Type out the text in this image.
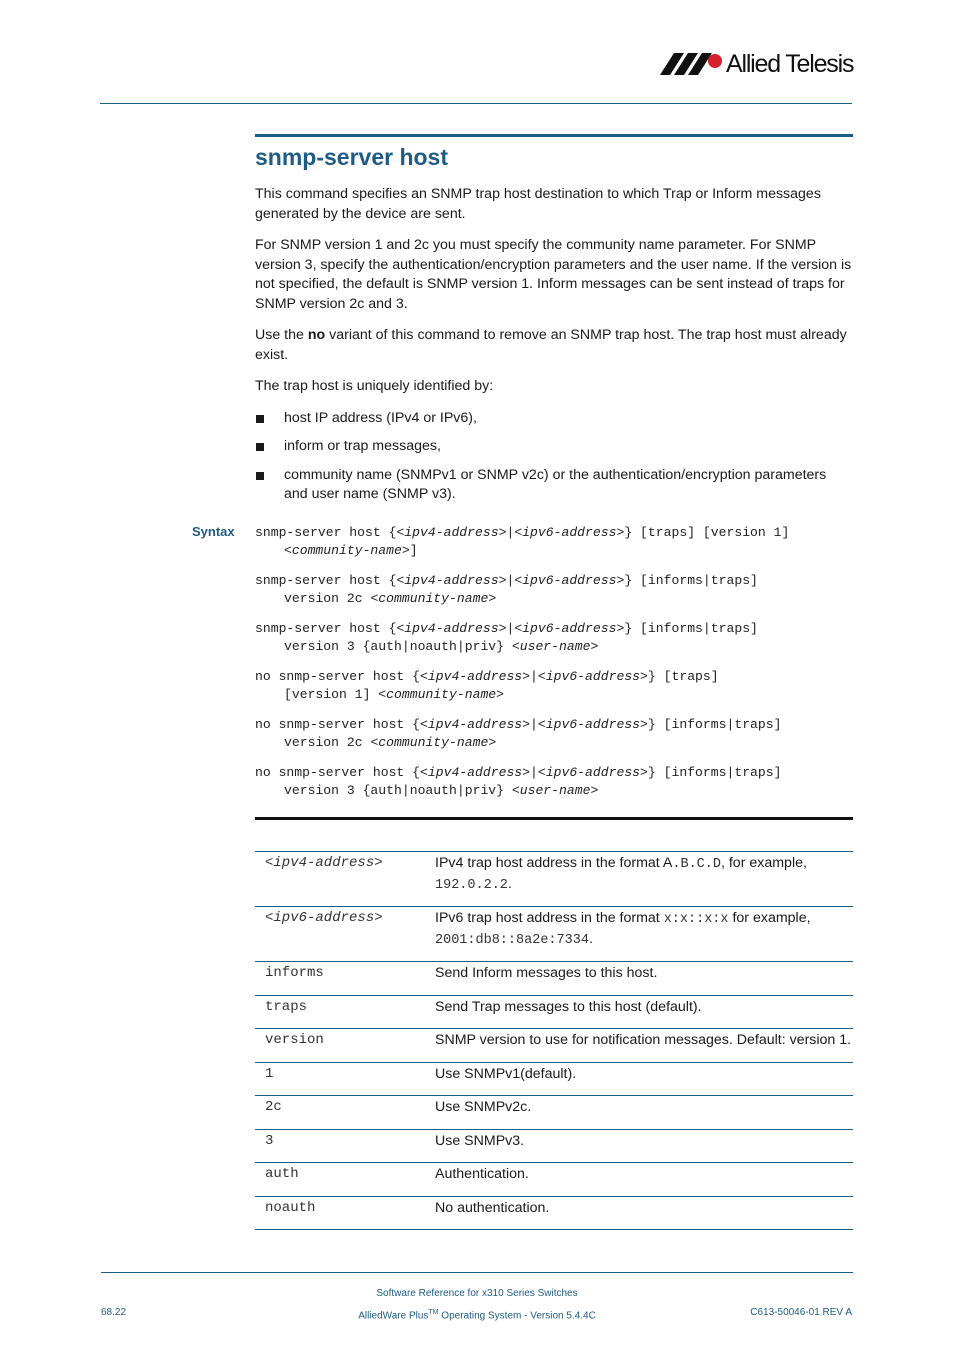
Allied Telesis
snmp-server host

This command specifies an SNMP trap host destination to which Trap or Inform messages generated by the device are sent.

For SNMP version 1 and 2c you must specify the community name parameter. For SNMP version 3, specify the authentication/encryption parameters and the user name. If the version is not specified, the default is SNMP version 1. Inform messages can be sent instead of traps for SNMP version 2c and 3.

Use the no variant of this command to remove an SNMP trap host. The trap host must already exist.

The trap host is uniquely identified by:

host IP address (IPv4 or IPv6),
inform or trap messages,
community name (SNMPv1 or SNMP v2c) or the authentication/encryption parameters and user name (SNMP v3).
Syntax snmp-server host {<ipv4-address>|<ipv6-address>} [traps] [version 1]
<community-name>]
snmp-server host {<ipv4-address>|<ipv6-address>} [informs|traps]
version 2c <community-name>
snmp-server host {<ipv4-address>|<ipv6-address>} [informs|traps]
version 3 {auth|noauth|priv} <user-name>
no snmp-server host {<ipv4-address>|<ipv6-address>} [traps]
[version 1] <community-name>
no snmp-server host {<ipv4-address>|<ipv6-address>} [informs|traps]
version 2c <community-name>
no snmp-server host {<ipv4-address>|<ipv6-address>} [informs|traps]
version 3 {auth|noauth|priv} <user-name>
<ipv4-address>	IPv4 trap host address in the format A.B.C.D, for example,
192.0.2.2.
<ipv6-address>	IPv6 trap host address in the format x:x::x:x for example,
2001:db8::8a2e:7334.
informs	Send Inform messages to this host.
traps	Send Trap messages to this host (default).
version	SNMP version to use for notification messages. Default: version 1.
1	Use SNMPv1(default).
2c	Use SNMPv2c.
3	Use SNMPv3.
auth	Authentication.
noauth	No authentication.
68.22
Software Reference for x310 Series Switches
AlliedWare Plus™ Operating System - Version 5.4.4C	C613-50046-01 REV A
